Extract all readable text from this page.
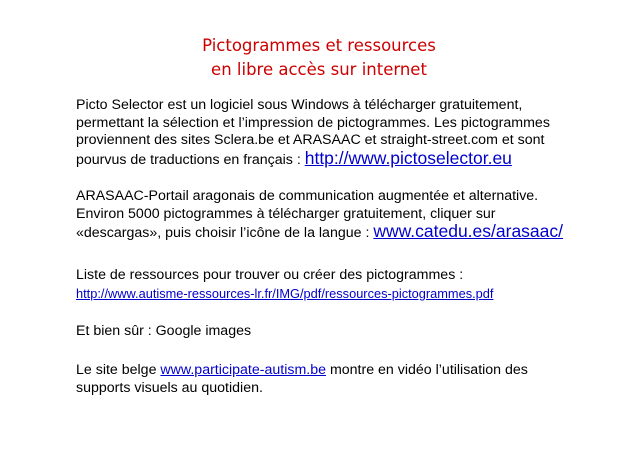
Pictogrammes et ressources
en libre accès sur internet
Picto Selector est un logiciel sous Windows à télécharger gratuitement,
permettant la sélection et l’impression de pictogrammes. Les pictogrammes
proviennent des sites Sclera.be et ARASAAC et straight-street.com et sont
pourvus de traductions en français : http://www.pictoselector.eu
ARASAAC-Portail aragonais de communication augmentée et alternative.
Environ 5000 pictogrammes à télécharger gratuitement, cliquer sur
«descargas», puis choisir l’icône de la langue : www.catedu.es/arasaac/
Liste de ressources pour trouver ou créer des pictogrammes :
http://www.autisme-ressources-lr.fr/IMG/pdf/ressources-pictogrammes.pdf
Et bien sûr : Google images
Le site belge www.participate-autism.be montre en vidéo l’utilisation des
supports visuels au quotidien.
